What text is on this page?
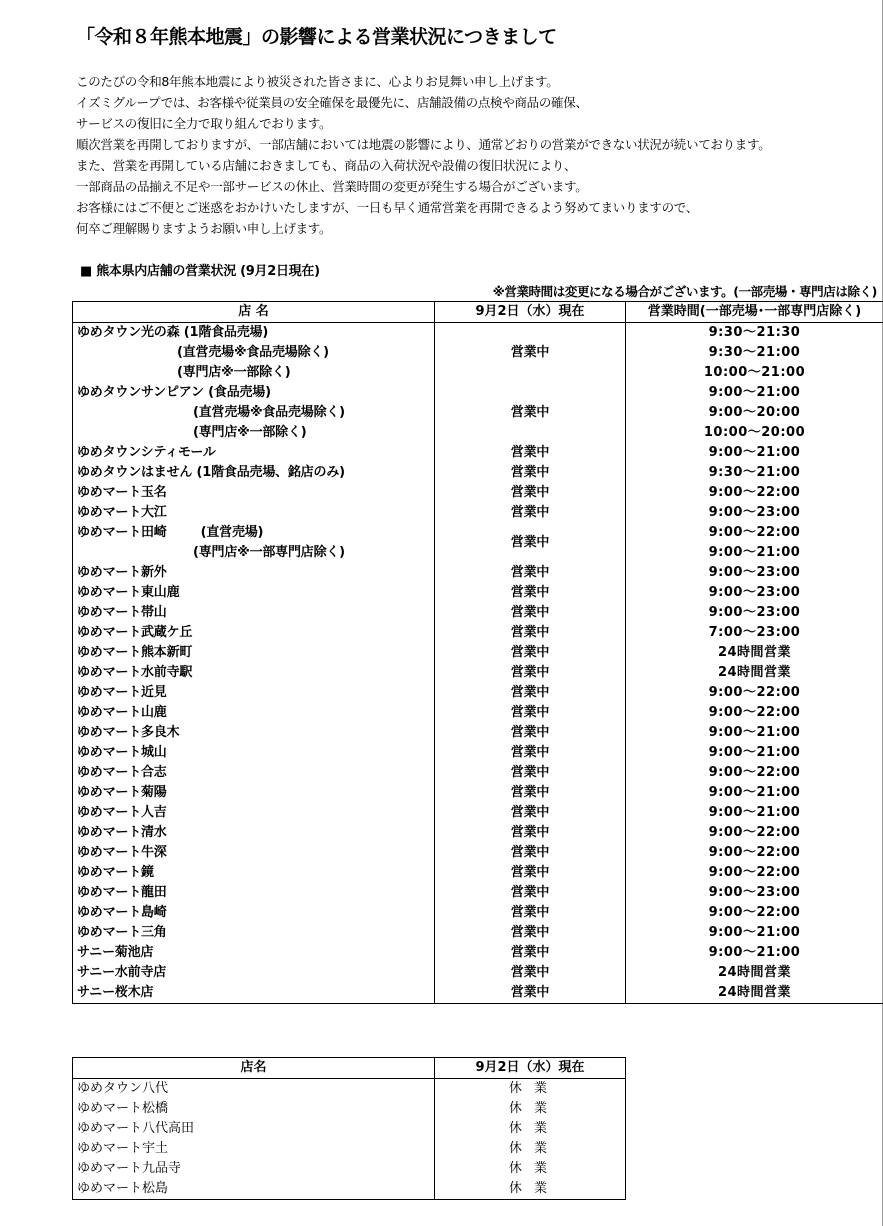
「令和８年熊本地震」の影響による営業状況につきまして

このたびの令和8年熊本地震により被災された皆さまに、心よりお見舞い申し上げます。

イズミグループでは、お客様や従業員の安全確保を最優先に、店舗設備の点検や商品の確保、

サービスの復旧に全力で取り組んでおります。

順次営業を再開しておりますが、一部店舗においては地震の影響により、通常どおりの営業ができない状況が続いております。

また、営業を再開している店舗におきましても、商品の入荷状況や設備の復旧状況により、

一部商品の品揃え不足や一部サービスの休止、営業時間の変更が発生する場合がございます。

お客様にはご不便とご迷惑をおかけいたしますが、一日も早く通常営業を再開できるよう努めてまいりますので、

何卒ご理解賜りますようお願い申し上げます。

■ 熊本県内店舗の営業状況 (9月2日現在)

※営業時間は変更になる場合がございます。(一部売場・専門店は除く)

店 名	9月2日（水）現在	営業時間(一部売場･一部専門店除く)
ゆめタウン光の森 (1階食品売場)	営業中	9:30～21:30
(直営売場※食品売場除く)		9:30～21:00
(専門店※一部除く)		10:00～21:00
ゆめタウンサンピアン (食品売場)	営業中	9:00～21:00
(直営売場※食品売場除く)		9:00～20:00
(専門店※一部除く)		10:00～20:00
ゆめタウンシティモール	営業中	9:00～21:00
ゆめタウンはません (1階食品売場、銘店のみ)	営業中	9:30～21:00
ゆめマート玉名	営業中	9:00～22:00
ゆめマート大江	営業中	9:00～23:00
ゆめマート田崎 (直営売場)	営業中	9:00～22:00
(専門店※一部専門店除く)		9:00～21:00
ゆめマート新外	営業中	9:00～23:00
ゆめマート東山鹿	営業中	9:00～23:00
ゆめマート帯山	営業中	9:00～23:00
ゆめマート武蔵ケ丘	営業中	7:00～23:00
ゆめマート熊本新町	営業中	24時間営業
ゆめマート水前寺駅	営業中	24時間営業
ゆめマート近見	営業中	9:00～22:00
ゆめマート山鹿	営業中	9:00～22:00
ゆめマート多良木	営業中	9:00～21:00
ゆめマート城山	営業中	9:00～21:00
ゆめマート合志	営業中	9:00～22:00
ゆめマート菊陽	営業中	9:00～21:00
ゆめマート人吉	営業中	9:00～21:00
ゆめマート清水	営業中	9:00～22:00
ゆめマート牛深	営業中	9:00～22:00
ゆめマート鏡	営業中	9:00～22:00
ゆめマート龍田	営業中	9:00～23:00
ゆめマート島崎	営業中	9:00～22:00
ゆめマート三角	営業中	9:00～21:00
サニー菊池店	営業中	9:00～21:00
サニー水前寺店	営業中	24時間営業
サニー桜木店	営業中	24時間営業
店名	9月2日（水）現在
ゆめタウン八代	休 業
ゆめマート松橋	休 業
ゆめマート八代高田	休 業
ゆめマート宇土	休 業
ゆめマート九品寺	休 業
ゆめマート松島	休 業
